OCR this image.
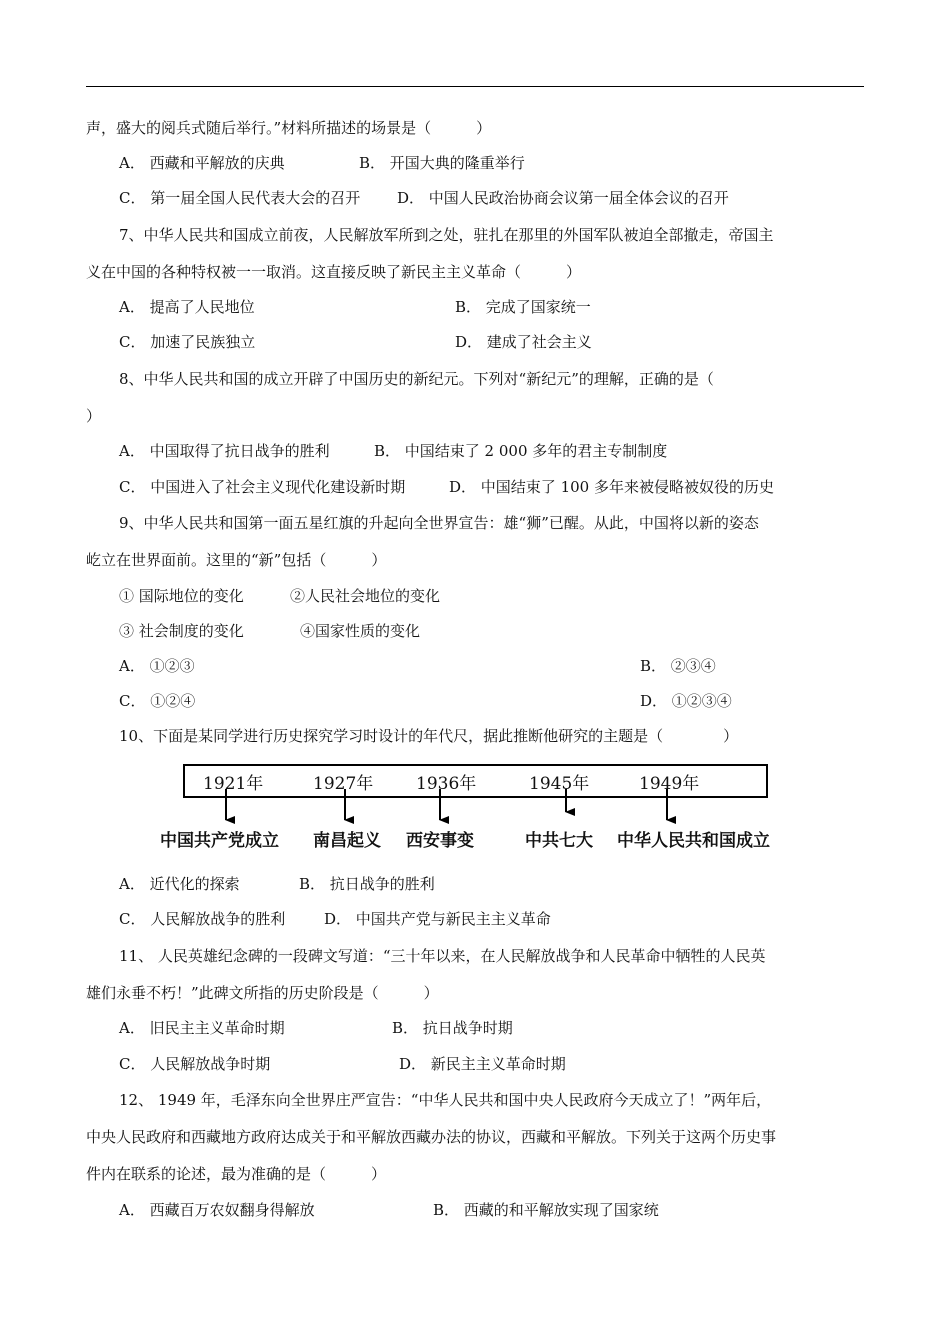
声，盛大的阅兵式随后举行。”材料所描述的场景是（　　　）
A． 西藏和平解放的庆典	B． 开国大典的隆重举行
C． 第一届全国人民代表大会的召开 D． 中国人民政治协商会议第一届全体会议的召开
7、中华人民共和国成立前夜，人民解放军所到之处，驻扎在那里的外国军队被迫全部撤走，帝国主
义在中国的各种特权被一一取消。这直接反映了新民主主义革命（　　　）
A． 提高了人民地位	B． 完成了国家统一
C． 加速了民族独立	D． 建成了社会主义
8、中华人民共和国的成立开辟了中国历史的新纪元。下列对“新纪元”的理解，正确的是（
）
A． 中国取得了抗日战争的胜利	B． 中国结束了 2 000 多年的君主专制制度
C． 中国进入了社会主义现代化建设新时期	D． 中国结束了 100 多年来被侵略被奴役的历史
9、中华人民共和国第一面五星红旗的升起向全世界宣告：雄“狮”已醒。从此，中国将以新的姿态
屹立在世界面前。这里的“新”包括（　　　）
① 国际地位的变化	②人民社会地位的变化
③ 社会制度的变化	④国家性质的变化
A． ①②③	B． ②③④
C． ①②④	D． ①②③④
10、下面是某同学进行历史探究学习时设计的年代尺，据此推断他研究的主题是（　　　　）
1921年	1927年	1936年	1945年	1949年
中国共产党成立 南昌起义 西安事变	中共七大 中华人民共和国成立
A． 近代化的探索	B． 抗日战争的胜利
C． 人民解放战争的胜利	D． 中国共产党与新民主主义革命
11、 人民英雄纪念碑的一段碑文写道：“三十年以来，在人民解放战争和人民革命中牺牲的人民英
雄们永垂不朽！”此碑文所指的历史阶段是（　　　）
A． 旧民主主义革命时期	B． 抗日战争时期
C． 人民解放战争时期	D． 新民主主义革命时期
12、 1949 年，毛泽东向全世界庄严宣告：“中华人民共和国中央人民政府今天成立了！”两年后，
中央人民政府和西藏地方政府达成关于和平解放西藏办法的协议，西藏和平解放。下列关于这两个历史事
件内在联系的论述，最为准确的是（　　　）
A． 西藏百万农奴翻身得解放	B． 西藏的和平解放实现了国家统
